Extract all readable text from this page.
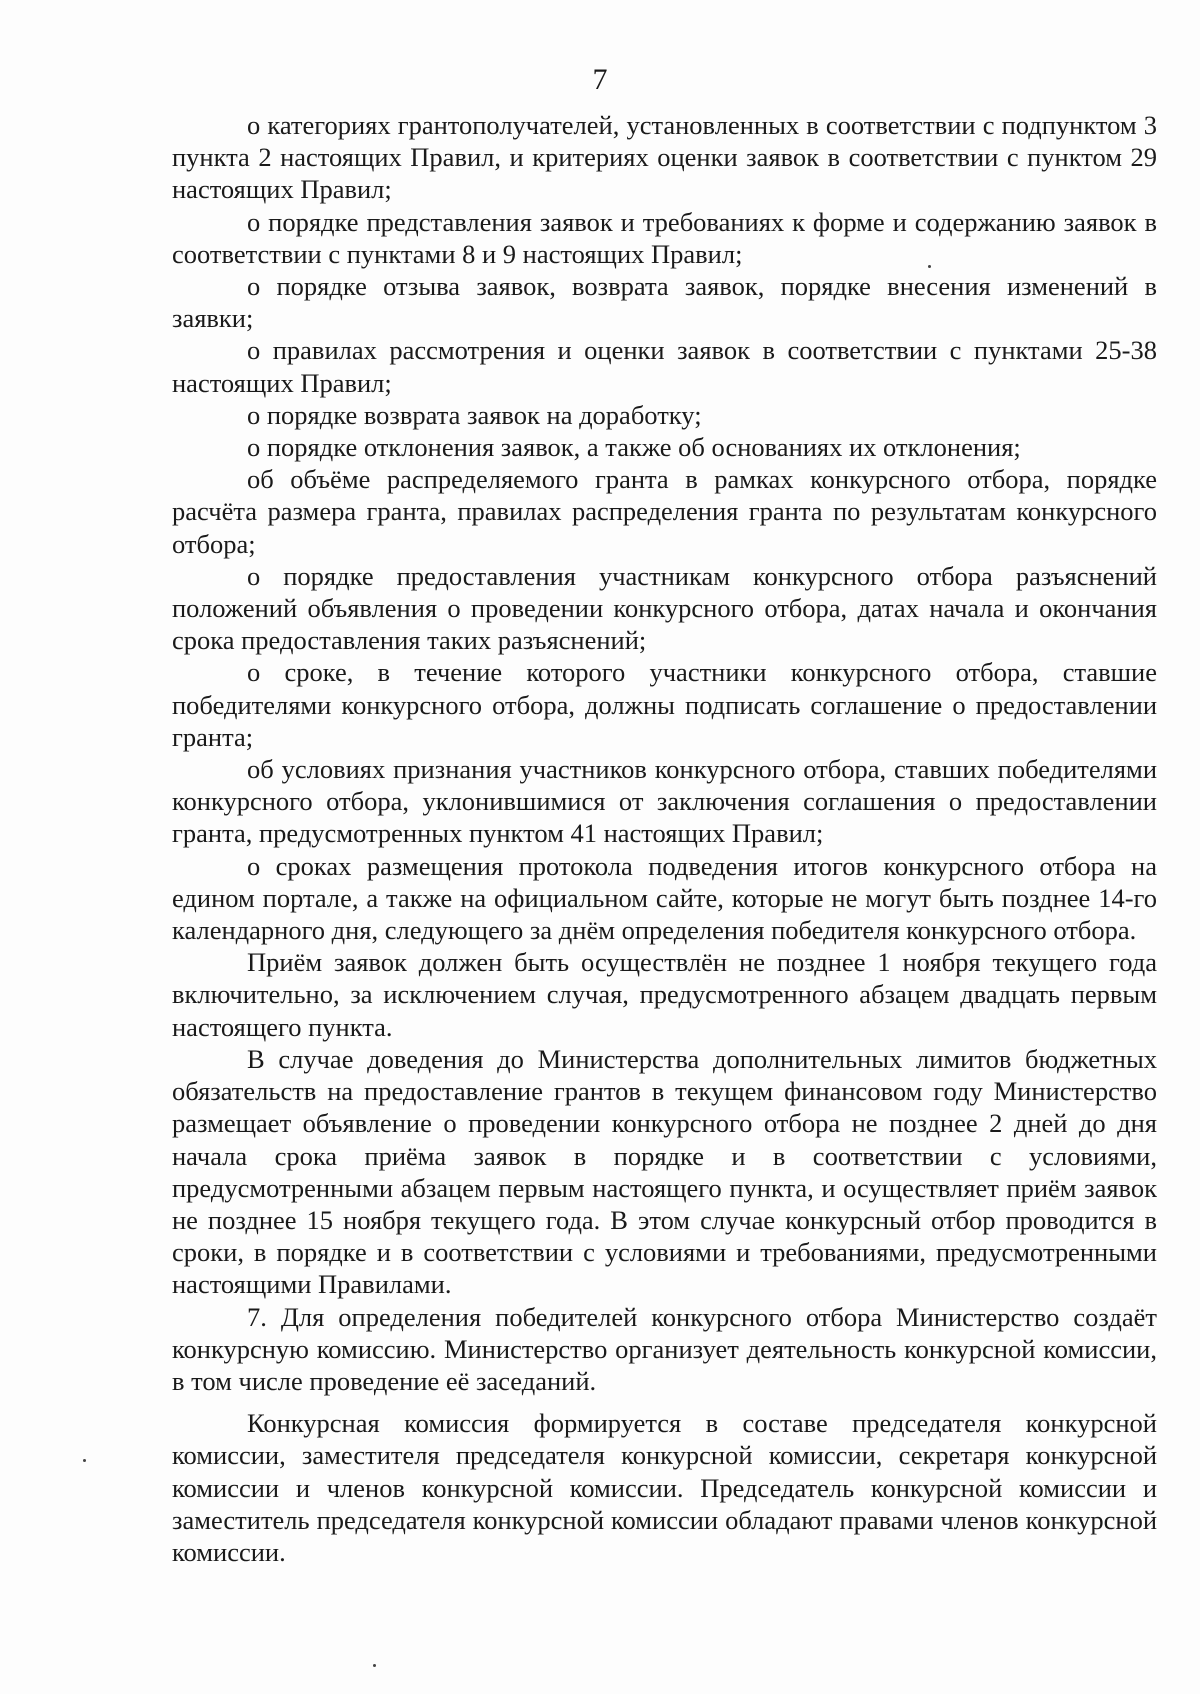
7

о категориях грантополучателей, установленных в соответствии с подпунктом 3 пункта 2 настоящих Правил, и критериях оценки заявок в соответствии с пунктом 29 настоящих Правил;

о порядке представления заявок и требованиях к форме и содержанию заявок в соответствии с пунктами 8 и 9 настоящих Правил;

о порядке отзыва заявок, возврата заявок, порядке внесения изменений в заявки;

о правилах рассмотрения и оценки заявок в соответствии с пунктами 25-38 настоящих Правил;

о порядке возврата заявок на доработку;

о порядке отклонения заявок, а также об основаниях их отклонения;

об объёме распределяемого гранта в рамках конкурсного отбора, порядке расчёта размера гранта, правилах распределения гранта по результатам конкурсного отбора;

о порядке предоставления участникам конкурсного отбора разъяснений положений объявления о проведении конкурсного отбора, датах начала и окончания срока предоставления таких разъяснений;

о сроке, в течение которого участники конкурсного отбора, ставшие победителями конкурсного отбора, должны подписать соглашение о предоставлении гранта;

об условиях признания участников конкурсного отбора, ставших победителями конкурсного отбора, уклонившимися от заключения соглашения о предоставлении гранта, предусмотренных пунктом 41 настоящих Правил;

о сроках размещения протокола подведения итогов конкурсного отбора на едином портале, а также на официальном сайте, которые не могут быть позднее 14-го календарного дня, следующего за днём определения победителя конкурсного отбора.

Приём заявок должен быть осуществлён не позднее 1 ноября текущего года включительно, за исключением случая, предусмотренного абзацем двадцать первым настоящего пункта.

В случае доведения до Министерства дополнительных лимитов бюджетных обязательств на предоставление грантов в текущем финансовом году Министерство размещает объявление о проведении конкурсного отбора не позднее 2 дней до дня начала срока приёма заявок в порядке и в соответствии с условиями, предусмотренными абзацем первым настоящего пункта, и осуществляет приём заявок не позднее 15 ноября текущего года. В этом случае конкурсный отбор проводится в сроки, в порядке и в соответствии с условиями и требованиями, предусмотренными настоящими Правилами.

7. Для определения победителей конкурсного отбора Министерство создаёт конкурсную комиссию. Министерство организует деятельность конкурсной комиссии, в том числе проведение её заседаний.

Конкурсная комиссия формируется в составе председателя конкурсной комиссии, заместителя председателя конкурсной комиссии, секретаря конкурсной комиссии и членов конкурсной комиссии. Председатель конкурсной комиссии и заместитель председателя конкурсной комиссии обладают правами членов конкурсной комиссии.
